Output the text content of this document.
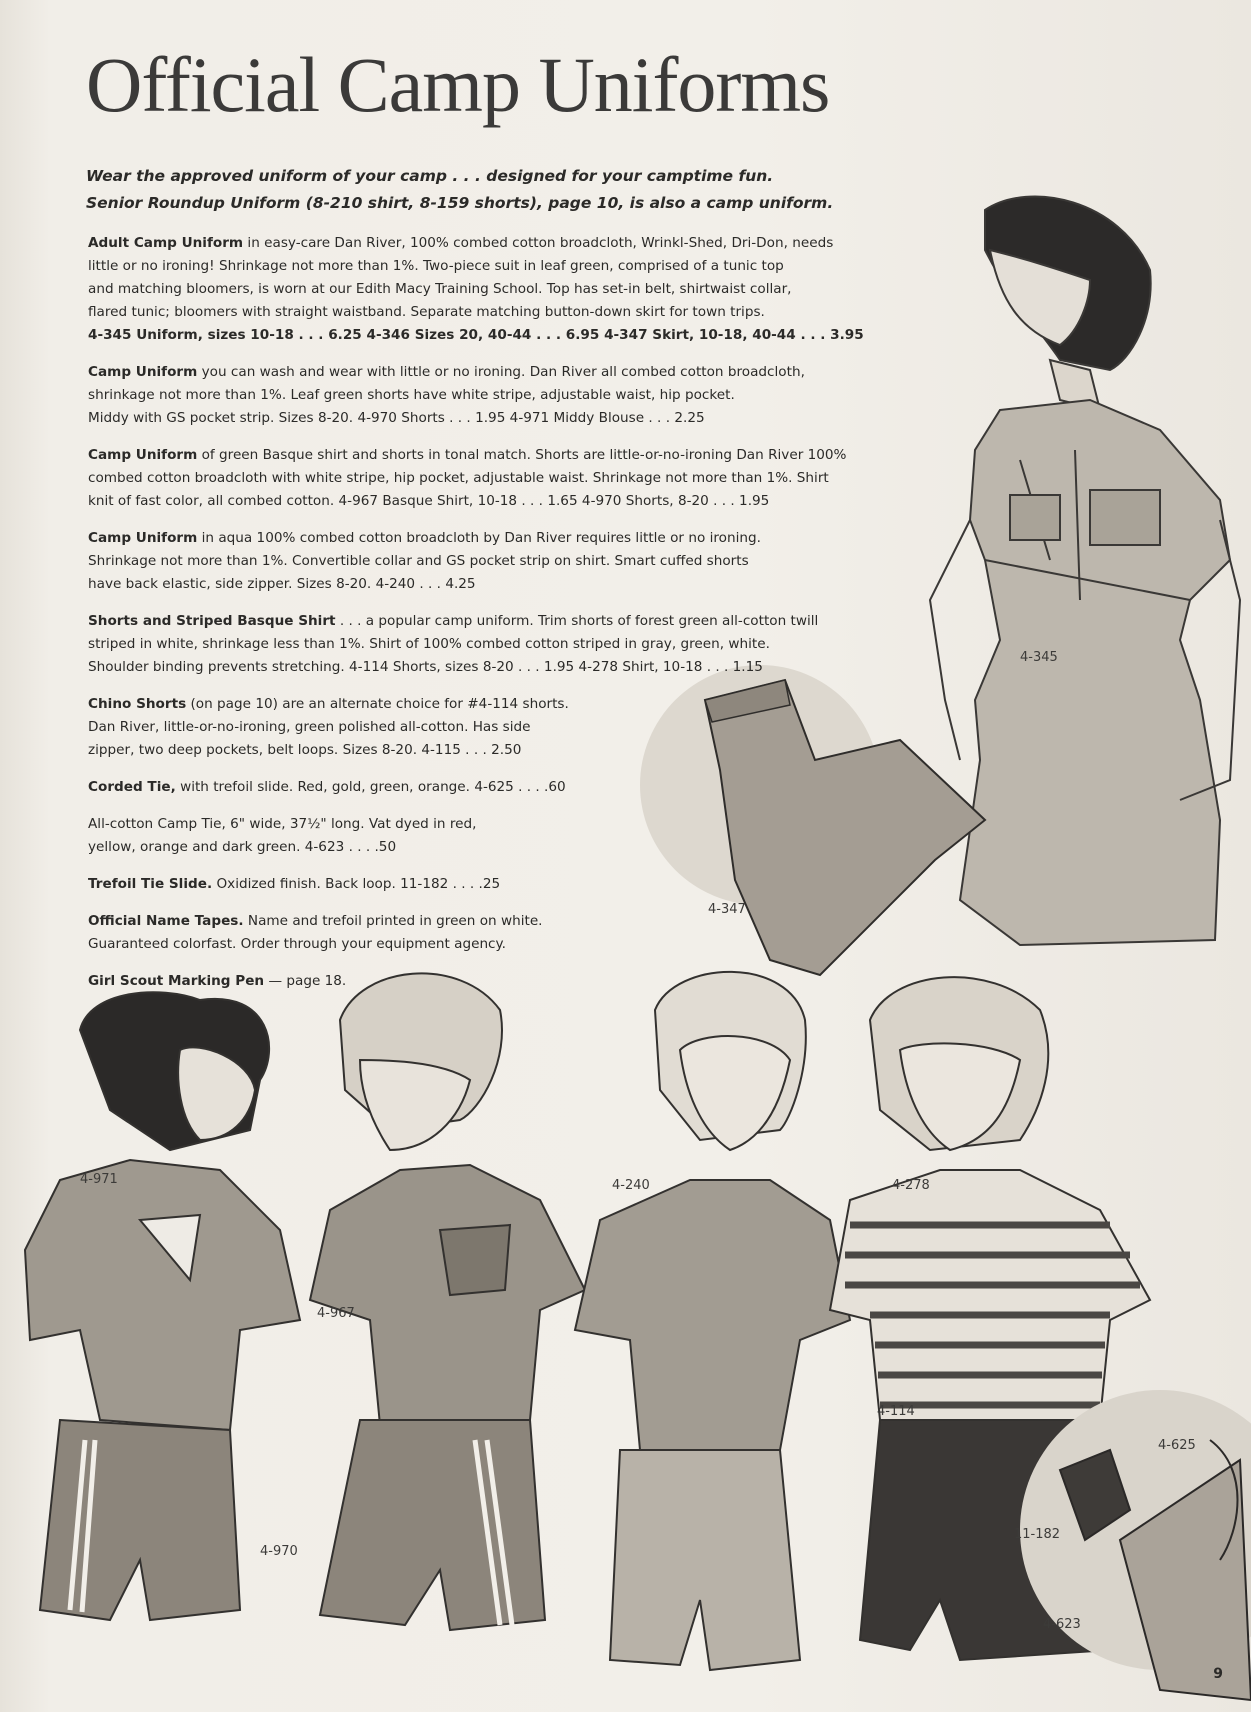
Official Camp Uniforms
Wear the approved uniform of your camp . . . designed for your camptime fun.
Senior Roundup Uniform (8-210 shirt, 8-159 shorts), page 10, is also a camp uniform.
Adult Camp Uniform in easy-care Dan River, 100% combed cotton broadcloth, Wrinkl-Shed, Dri-Don, needs
little or no ironing! Shrinkage not more than 1%. Two-piece suit in leaf green, comprised of a tunic top
and matching bloomers, is worn at our Edith Macy Training School. Top has set-in belt, shirtwaist collar,
flared tunic; bloomers with straight waistband. Separate matching button-down skirt for town trips.
4-345 Uniform, sizes 10-18 . . . 6.25 4-346 Sizes 20, 40-44 . . . 6.95 4-347 Skirt, 10-18, 40-44 . . . 3.95
Camp Uniform you can wash and wear with little or no ironing. Dan River all combed cotton broadcloth,
shrinkage not more than 1%. Leaf green shorts have white stripe, adjustable waist, hip pocket.
Middy with GS pocket strip. Sizes 8-20. 4-970 Shorts . . . 1.95 4-971 Middy Blouse . . . 2.25
Camp Uniform of green Basque shirt and shorts in tonal match. Shorts are little-or-no-ironing Dan River 100%
combed cotton broadcloth with white stripe, hip pocket, adjustable waist. Shrinkage not more than 1%. Shirt
knit of fast color, all combed cotton. 4-967 Basque Shirt, 10-18 . . . 1.65 4-970 Shorts, 8-20 . . . 1.95
Camp Uniform in aqua 100% combed cotton broadcloth by Dan River requires little or no ironing.
Shrinkage not more than 1%. Convertible collar and GS pocket strip on shirt. Smart cuffed shorts
have back elastic, side zipper. Sizes 8-20. 4-240 . . . 4.25
Shorts and Striped Basque Shirt . . . a popular camp uniform. Trim shorts of forest green all-cotton twill
striped in white, shrinkage less than 1%. Shirt of 100% combed cotton striped in gray, green, white.
Shoulder binding prevents stretching. 4-114 Shorts, sizes 8-20 . . . 1.95 4-278 Shirt, 10-18 . . . 1.15
Chino Shorts (on page 10) are an alternate choice for #4-114 shorts.
Dan River, little-or-no-ironing, green polished all-cotton. Has side
zipper, two deep pockets, belt loops. Sizes 8-20. 4-115 . . . 2.50
Corded Tie, with trefoil slide. Red, gold, green, orange. 4-625 . . . .60
All-cotton Camp Tie, 6" wide, 37½" long. Vat dyed in red,
yellow, orange and dark green. 4-623 . . . .50
Trefoil Tie Slide. Oxidized finish. Back loop. 11-182 . . . .25
Official Name Tapes. Name and trefoil printed in green on white.
Guaranteed colorfast. Order through your equipment agency.
Girl Scout Marking Pen — page 18.
4-345
4-347
4-971
4-967
4-240	4-278
4-114
4-970
4-625
11-182
4-623
9
